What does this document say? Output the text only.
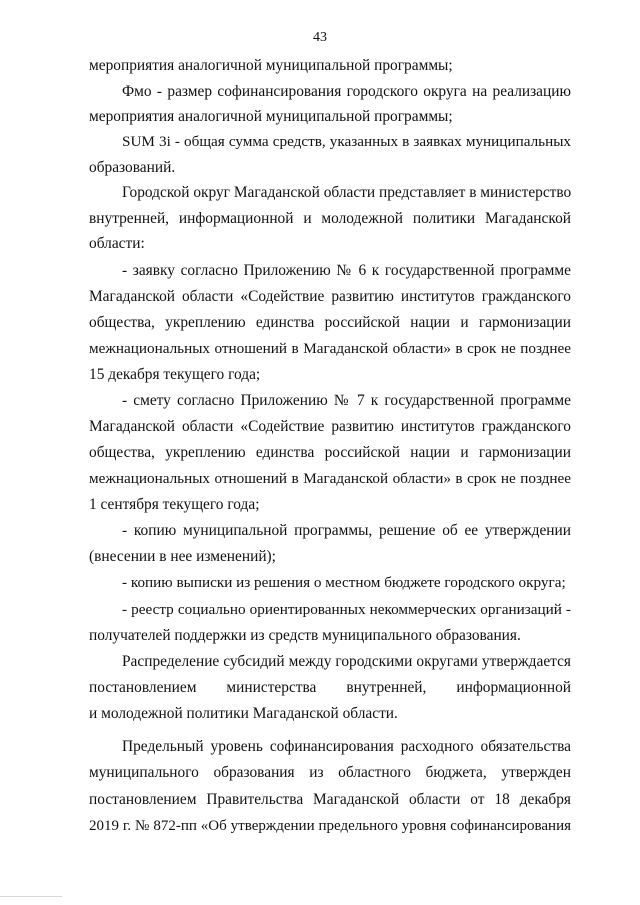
43
мероприятия аналогичной муниципальной программы;
Фмо - размер софинансирования городского округа на реализацию
мероприятия аналогичной муниципальной программы;
SUM 3i - общая сумма средств, указанных в заявках муниципальных
образований.
Городской округ Магаданской области представляет в министерство
внутренней, информационной и молодежной политики Магаданской
области:
- заявку согласно Приложению № 6 к государственной программе
Магаданской области «Содействие развитию институтов гражданского
общества, укреплению единства российской нации и гармонизации
межнациональных отношений в Магаданской области» в срок не позднее
15 декабря текущего года;
- смету согласно Приложению № 7 к государственной программе
Магаданской области «Содействие развитию институтов гражданского
общества, укреплению единства российской нации и гармонизации
межнациональных отношений в Магаданской области» в срок не позднее
1 сентября текущего года;
- копию муниципальной программы, решение об ее утверждении
(внесении в нее изменений);
- копию выписки из решения о местном бюджете городского округа;
- реестр социально ориентированных некоммерческих организаций -
получателей поддержки из средств муниципального образования.
Распределение субсидий между городскими округами утверждается
постановлением министерства внутренней, информационной
и молодежной политики Магаданской области.
Предельный уровень софинансирования расходного обязательства
муниципального образования из областного бюджета, утвержден
постановлением Правительства Магаданской области от 18 декабря
2019 г. № 872-пп «Об утверждении предельного уровня софинансирования
